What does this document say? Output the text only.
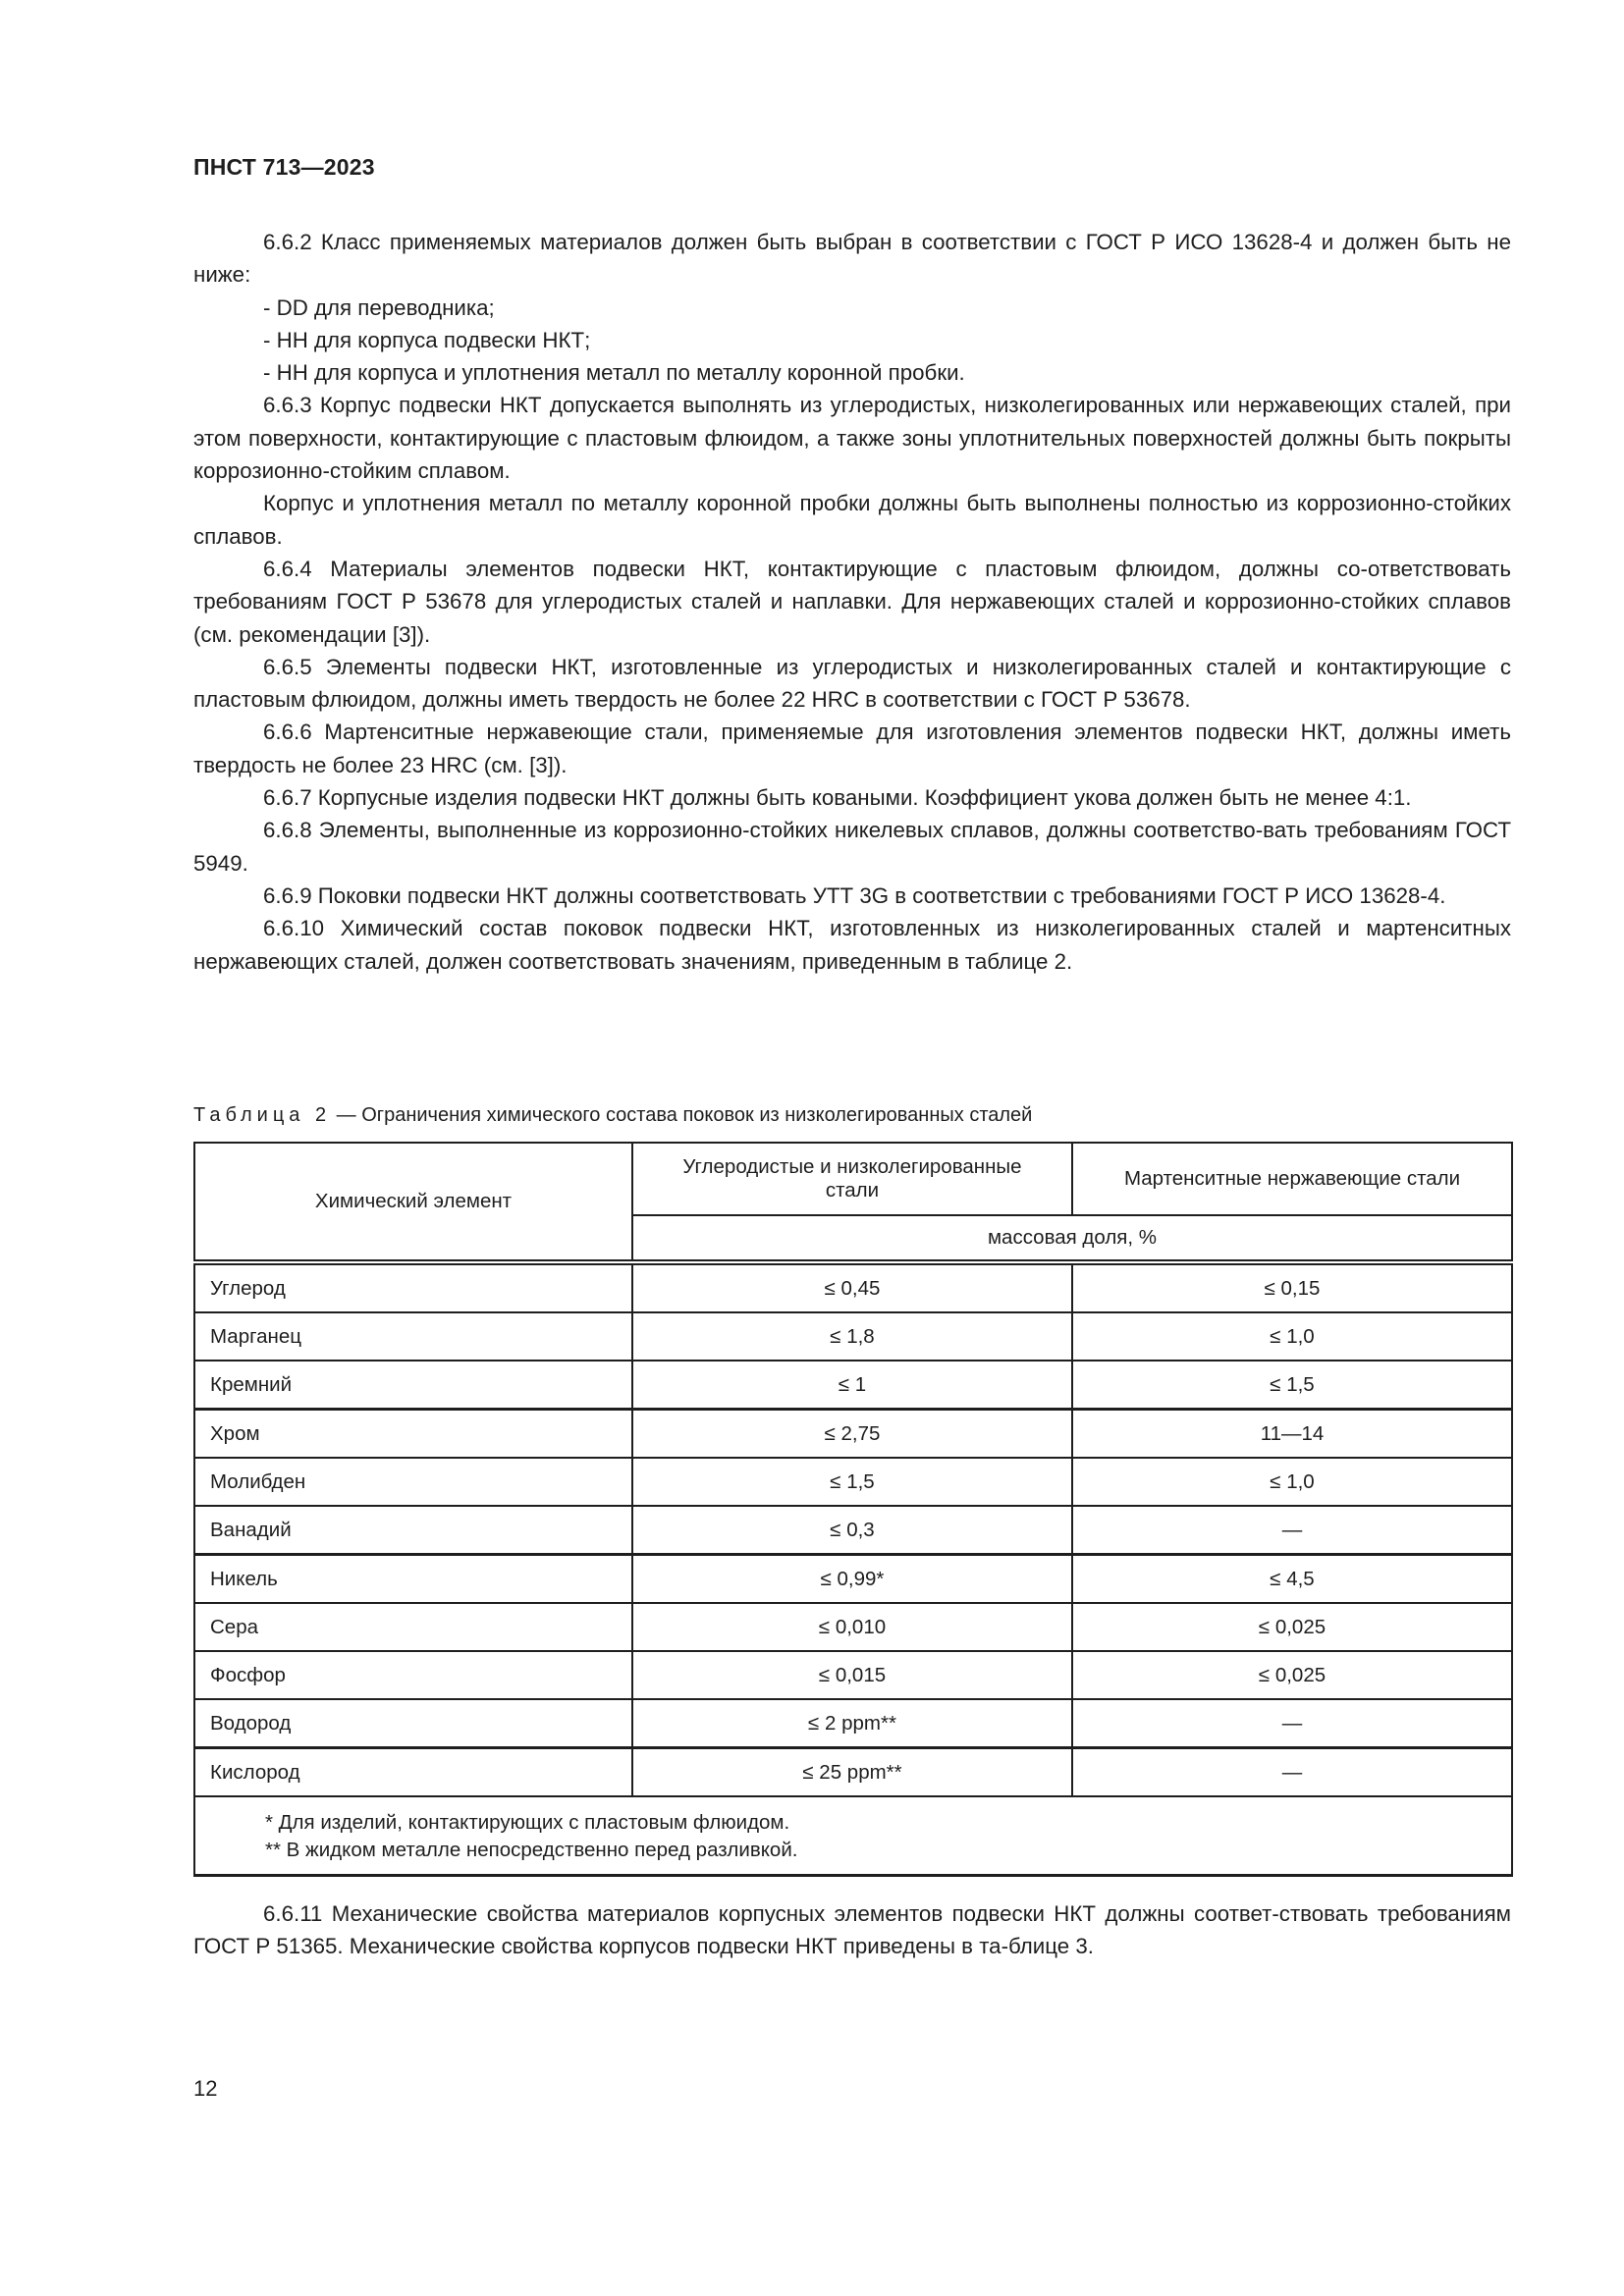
ПНСТ 713—2023

6.6.2 Класс применяемых материалов должен быть выбран в соответствии с ГОСТ Р ИСО 13628-4 и должен быть не ниже:

- DD для переводника;

- НН для корпуса подвески НКТ;

- НН для корпуса и уплотнения металл по металлу коронной пробки.

6.6.3 Корпус подвески НКТ допускается выполнять из углеродистых, низколегированных или нержавеющих сталей, при этом поверхности, контактирующие с пластовым флюидом, а также зоны уплотнительных поверхностей должны быть покрыты коррозионно-стойким сплавом.

Корпус и уплотнения металл по металлу коронной пробки должны быть выполнены полностью из коррозионно-стойких сплавов.

6.6.4 Материалы элементов подвески НКТ, контактирующие с пластовым флюидом, должны со-ответствовать требованиям ГОСТ Р 53678 для углеродистых сталей и наплавки. Для нержавеющих сталей и коррозионно-стойких сплавов (см. рекомендации [3]).

6.6.5 Элементы подвески НКТ, изготовленные из углеродистых и низколегированных сталей и контактирующие с пластовым флюидом, должны иметь твердость не более 22 HRC в соответствии с ГОСТ Р 53678.

6.6.6 Мартенситные нержавеющие стали, применяемые для изготовления элементов подвески НКТ, должны иметь твердость не более 23 HRC (см. [3]).

6.6.7 Корпусные изделия подвески НКТ должны быть коваными. Коэффициент укова должен быть не менее 4:1.

6.6.8 Элементы, выполненные из коррозионно-стойких никелевых сплавов, должны соответство-вать требованиям ГОСТ 5949.

6.6.9 Поковки подвески НКТ должны соответствовать УТТ 3G в соответствии с требованиями ГОСТ Р ИСО 13628-4.

6.6.10 Химический состав поковок подвески НКТ, изготовленных из низколегированных сталей и мартенситных нержавеющих сталей, должен соответствовать значениям, приведенным в таблице 2.

Таблица 2 — Ограничения химического состава поковок из низколегированных сталей
Химический элемент	Углеродистые и низколегированные стали	Мартенситные нержавеющие стали
	массовая доля, %	
Углерод	≤ 0,45	≤ 0,15
Марганец	≤ 1,8	≤ 1,0
Кремний	≤ 1	≤ 1,5
Хром	≤ 2,75	11—14
Молибден	≤ 1,5	≤ 1,0
Ванадий	≤ 0,3	—
Никель	≤ 0,99*	≤ 4,5
Сера	≤ 0,010	≤ 0,025
Фосфор	≤ 0,015	≤ 0,025
Водород	≤ 2 ppm**	—
Кислород	≤ 25 ppm**	—

* Для изделий, контактирующих с пластовым флюидом.
** В жидком металле непосредственно перед разливкой.		

6.6.11 Механические свойства материалов корпусных элементов подвески НКТ должны соответ-ствовать требованиям ГОСТ Р 51365. Механические свойства корпусов подвески НКТ приведены в та-блице 3.

12
